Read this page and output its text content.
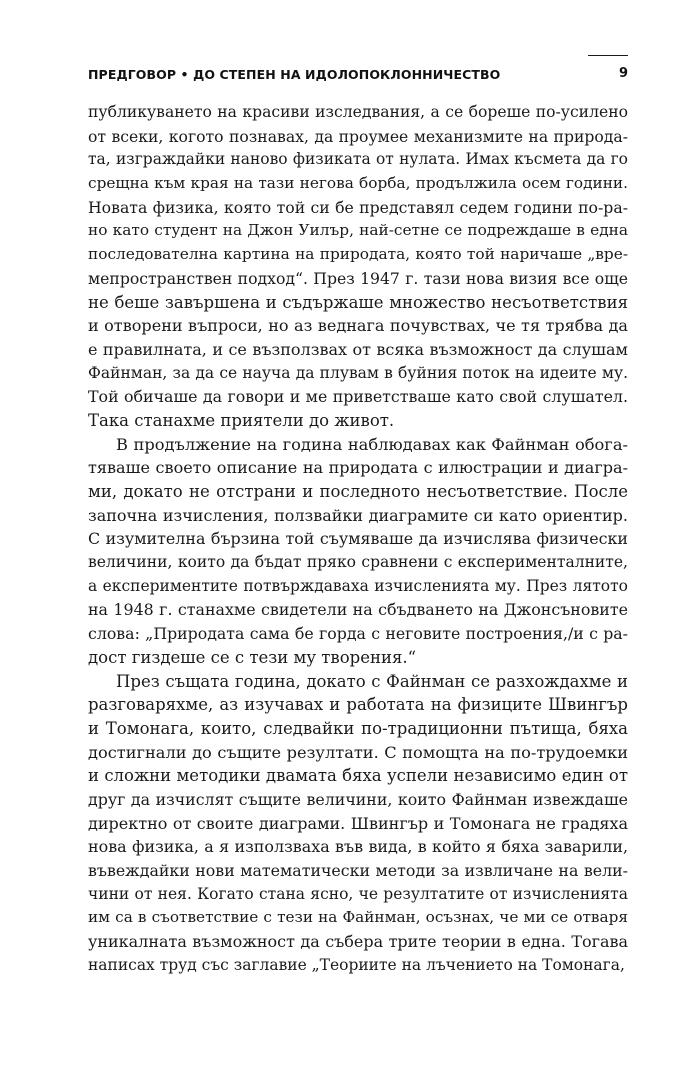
ПРЕДГОВОР • ДО СТЕПЕН НА ИДОЛОПОКЛОННИЧЕСТВО	9

публикуването на красиви изследвания, а се бореше по-усилено
от всеки, когото познавах, да проумее механизмите на природа-
та, изграждайки наново физиката от нулата. Имах късмета да го
срещна към края на тази негова борба, продължила осем години.
Новата физика, която той си бе представял седем години по-ра-
но като студент на Джон Уилър, най-сетне се подреждаше в една
последователна картина на природата, която той наричаше „вре-
мепространствен подход“. През 1947 г. тази нова визия все още
не беше завършена и съдържаше множество несъответствия
и отворени въпроси, но аз веднага почувствах, че тя трябва да
е правилната, и се възползвах от всяка възможност да слушам
Файнман, за да се науча да плувам в буйния поток на идеите му.
Той обичаше да говори и ме приветстваше като свой слушател.
Така станахме приятели до живот.

В продължение на година наблюдавах как Файнман обога-
тяваше своето описание на природата с илюстрации и диагра-
ми, докато не отстрани и последното несъответствие. После
започна изчисления, ползвайки диаграмите си като ориентир.
С изумителна бързина той съумяваше да изчислява физически
величини, които да бъдат пряко сравнени с експерименталните,
а експериментите потвърждаваха изчисленията му. През лятото
на 1948 г. станахме свидетели на сбъдването на Джонсъновите
слова: „Природата сама бе горда с неговите построения,/и с ра-
дост гиздеше се с тези му творения.“

През същата година, докато с Файнман се разхождахме и
разговаряхме, аз изучавах и работата на физиците Швингър
и Томонага, които, следвайки по-традиционни пътища, бяха
достигнали до същите резултати. С помощта на по-трудоемки
и сложни методики двамата бяха успели независимо един от
друг да изчислят същите величини, които Файнман извеждаше
директно от своите диаграми. Швингър и Томонага не градяха
нова физика, а я използваха във вида, в който я бяха заварили,
въвеждайки нови математически методи за извличане на вели-
чини от нея. Когато стана ясно, че резултатите от изчисленията
им са в съответствие с тези на Файнман, осъзнах, че ми се отваря
уникалната възможност да събера трите теории в една. Тогава
написах труд със заглавие „Теориите на лъчението на Томонага,
